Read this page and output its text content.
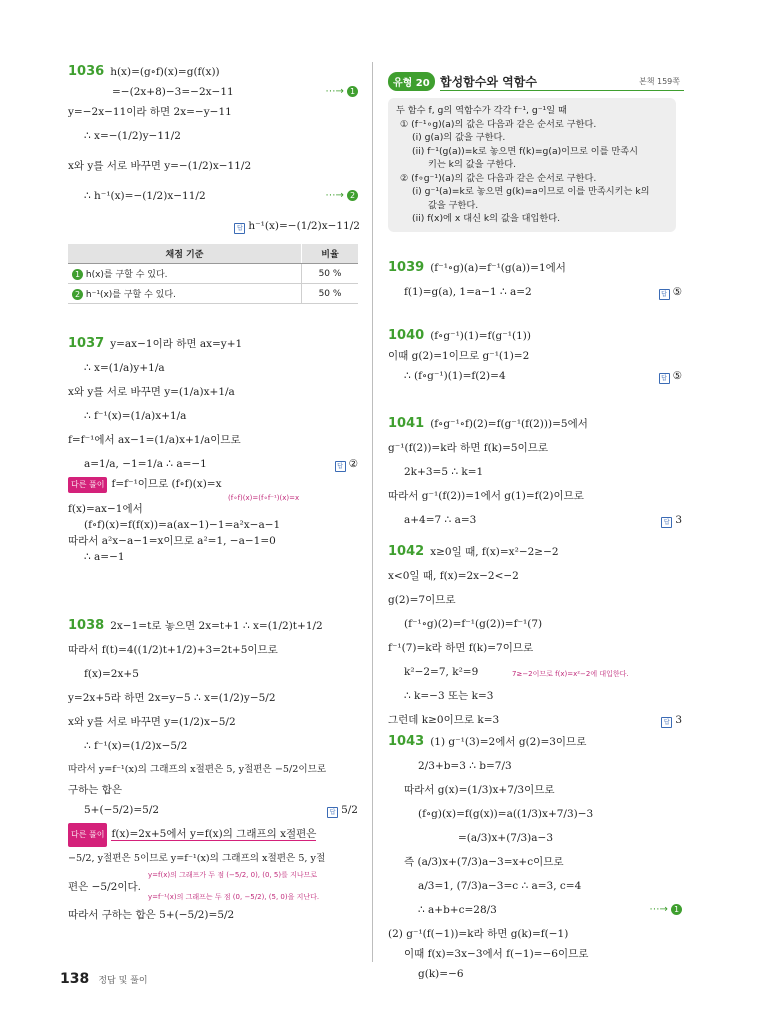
1036 h(x)=(g∘f)(x)=g(f(x))
=−(2x+8)−3=−2x−11	⋯→ 1
y=−2x−11이라 하면 2x=−y−11
∴ x=−(1/2)y−11/2
x와 y를 서로 바꾸면 y=−(1/2)x−11/2
∴ h⁻¹(x)=−(1/2)x−11/2	⋯→ 2
답 h⁻¹(x)=−(1/2)x−11/2
채점 기준	비율
1 h(x)를 구할 수 있다.	50 %
2 h⁻¹(x)를 구할 수 있다.	50 %
1037 y=ax−1이라 하면 ax=y+1
∴ x=(1/a)y+1/a
x와 y를 서로 바꾸면 y=(1/a)x+1/a
∴ f⁻¹(x)=(1/a)x+1/a
f=f⁻¹에서 ax−1=(1/a)x+1/a이므로
a=1/a, −1=1/a ∴ a=−1	답 ②
다른 풀이 f=f⁻¹이므로 (f∘f)(x)=x
(f∘f)(x)=(f∘f⁻¹)(x)=x
f(x)=ax−1에서
(f∘f)(x)=f(f(x))=a(ax−1)−1=a²x−a−1
따라서 a²x−a−1=x이므로 a²=1, −a−1=0
∴ a=−1
1038 2x−1=t로 놓으면 2x=t+1 ∴ x=(1/2)t+1/2
따라서 f(t)=4((1/2)t+1/2)+3=2t+5이므로
f(x)=2x+5
y=2x+5라 하면 2x=y−5 ∴ x=(1/2)y−5/2
x와 y를 서로 바꾸면 y=(1/2)x−5/2
∴ f⁻¹(x)=(1/2)x−5/2
따라서 y=f⁻¹(x)의 그래프의 x절편은 5, y절편은 −5/2이므로
구하는 합은
5+(−5/2)=5/2	답 5/2
다른 풀이 f(x)=2x+5에서 y=f(x)의 그래프의 x절편은
−5/2, y절편은 5이므로 y=f⁻¹(x)의 그래프의 x절편은 5, y절
y=f(x)의 그래프가 두 점 (−5/2, 0), (0, 5)를 지나므로
편은 −5/2이다.
y=f⁻¹(x)의 그래프는 두 점 (0, −5/2), (5, 0)을 지난다.
따라서 구하는 합은 5+(−5/2)=5/2
유형 20 합성함수와 역함수	본책 159쪽
두 함수 f, g의 역함수가 각각 f⁻¹, g⁻¹일 때
① (f⁻¹∘g)(a)의 값은 다음과 같은 순서로 구한다.
(i) g(a)의 값을 구한다.
(ii) f⁻¹(g(a))=k로 놓으면 f(k)=g(a)이므로 이를 만족시
키는 k의 값을 구한다.
② (f∘g⁻¹)(a)의 값은 다음과 같은 순서로 구한다.
(i) g⁻¹(a)=k로 놓으면 g(k)=a이므로 이를 만족시키는 k의
값을 구한다.
(ii) f(x)에 x 대신 k의 값을 대입한다.
1039 (f⁻¹∘g)(a)=f⁻¹(g(a))=1에서
f(1)=g(a), 1=a−1 ∴ a=2	답 ⑤
1040 (f∘g⁻¹)(1)=f(g⁻¹(1))
이때 g(2)=1이므로 g⁻¹(1)=2
∴ (f∘g⁻¹)(1)=f(2)=4	답 ⑤
1041 (f∘g⁻¹∘f)(2)=f(g⁻¹(f(2)))=5에서
g⁻¹(f(2))=k라 하면 f(k)=5이므로
2k+3=5 ∴ k=1
따라서 g⁻¹(f(2))=1에서 g(1)=f(2)이므로
a+4=7 ∴ a=3	답 3
1042 x≥0일 때, f(x)=x²−2≥−2
x<0일 때, f(x)=2x−2<−2
g(2)=7이므로
(f⁻¹∘g)(2)=f⁻¹(g(2))=f⁻¹(7)
f⁻¹(7)=k라 하면 f(k)=7이므로
k²−2=7, k²=9	7≥−2이므로 f(x)=x²−2에 대입한다.
∴ k=−3 또는 k=3
그런데 k≥0이므로 k=3	답 3
1043 (1) g⁻¹(3)=2에서 g(2)=3이므로
2/3+b=3 ∴ b=7/3
따라서 g(x)=(1/3)x+7/3이므로
(f∘g)(x)=f(g(x))=a((1/3)x+7/3)−3
=(a/3)x+(7/3)a−3
즉 (a/3)x+(7/3)a−3=x+c이므로
a/3=1, (7/3)a−3=c ∴ a=3, c=4
∴ a+b+c=28/3	⋯→ 1
(2) g⁻¹(f(−1))=k라 하면 g(k)=f(−1)
이때 f(x)=3x−3에서 f(−1)=−6이므로
g(k)=−6
138 정답 및 풀이
